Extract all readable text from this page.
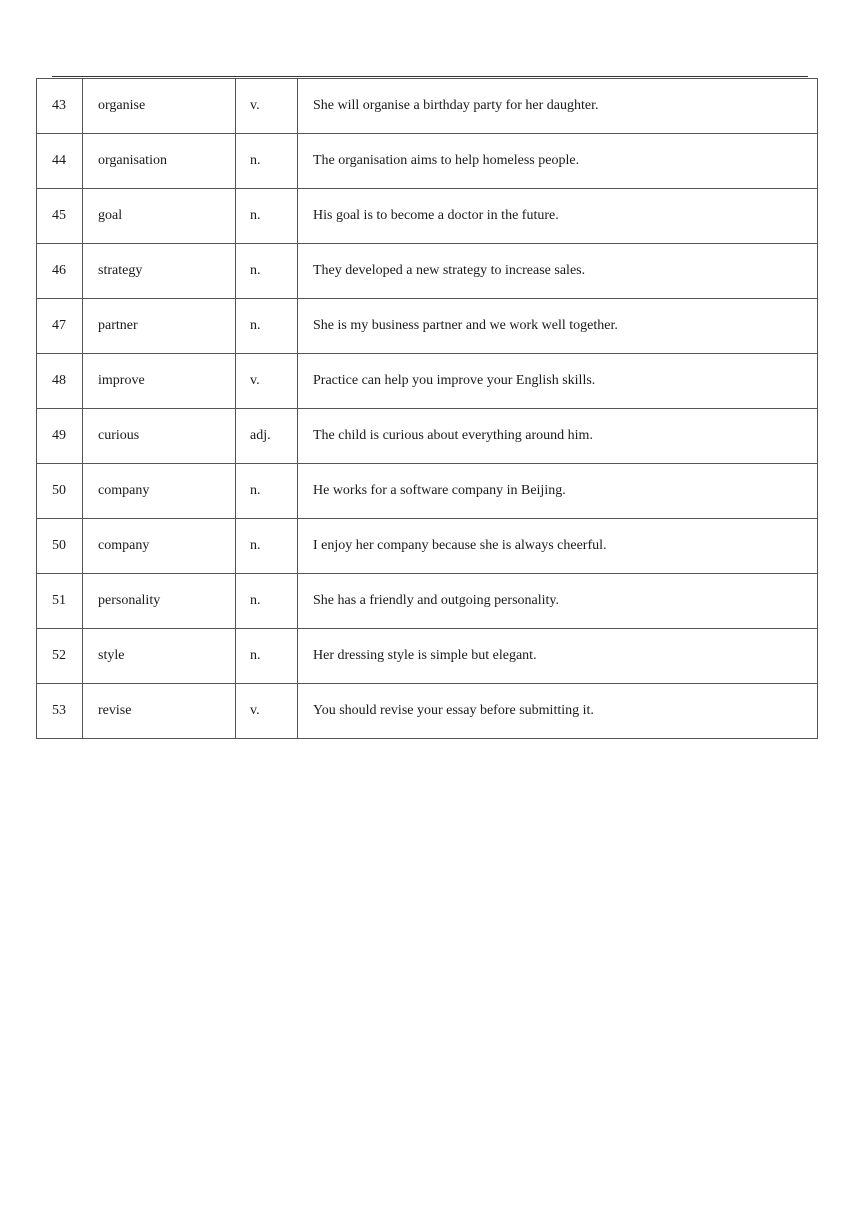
43	organise	v.	She will organise a birthday party for her daughter.
44	organisation	n.	The organisation aims to help homeless people.
45	goal	n.	His goal is to become a doctor in the future.
46	strategy	n.	They developed a new strategy to increase sales.
47	partner	n.	She is my business partner and we work well together.
48	improve	v.	Practice can help you improve your English skills.
49	curious	adj.	The child is curious about everything around him.
50	company	n.	He works for a software company in Beijing.
50	company	n.	I enjoy her company because she is always cheerful.
51	personality	n.	She has a friendly and outgoing personality.
52	style	n.	Her dressing style is simple but elegant.
53	revise	v.	You should revise your essay before submitting it.
